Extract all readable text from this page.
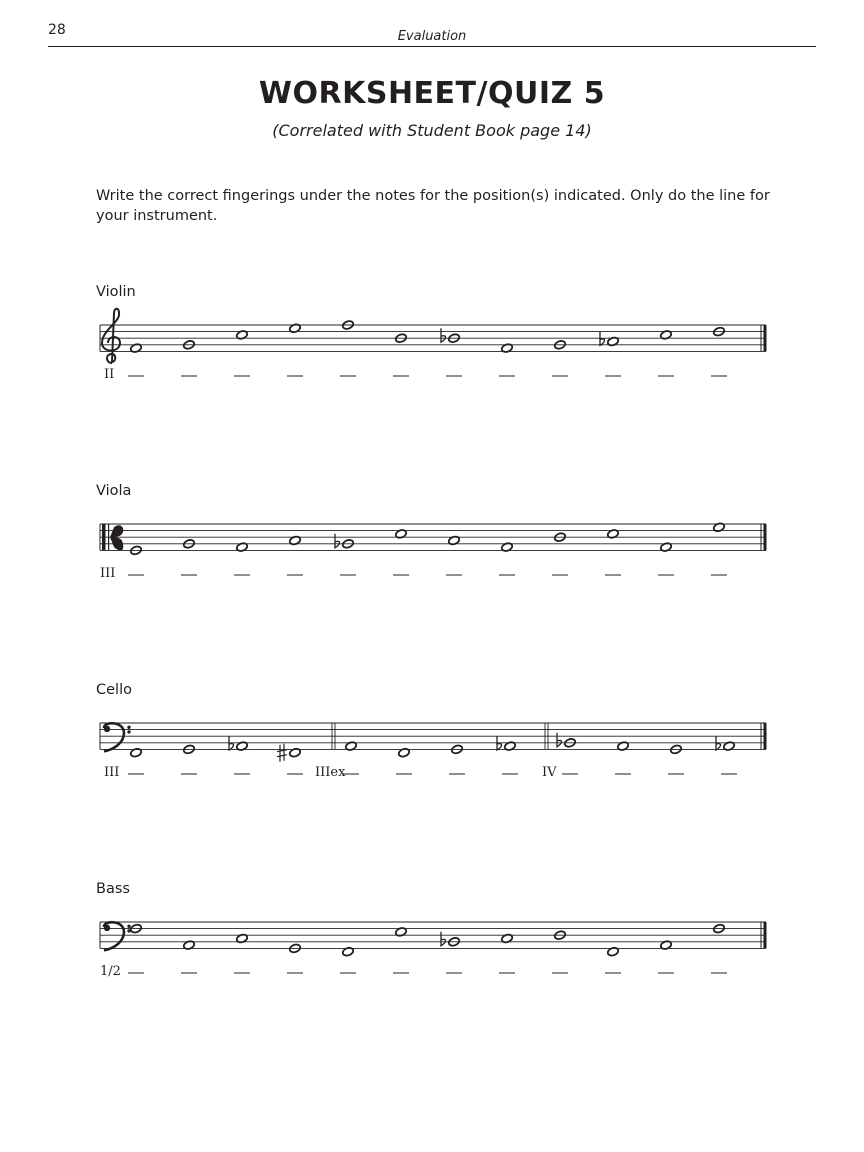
28	Evaluation
WORKSHEET/QUIZ 5
(Correlated with Student Book page 14)
Write the correct fingerings under the notes for the position(s) indicated. Only do the line for your instrument.
Violin
II
Viola
III
Cello
III	IIIex	IV
Bass
1/2
